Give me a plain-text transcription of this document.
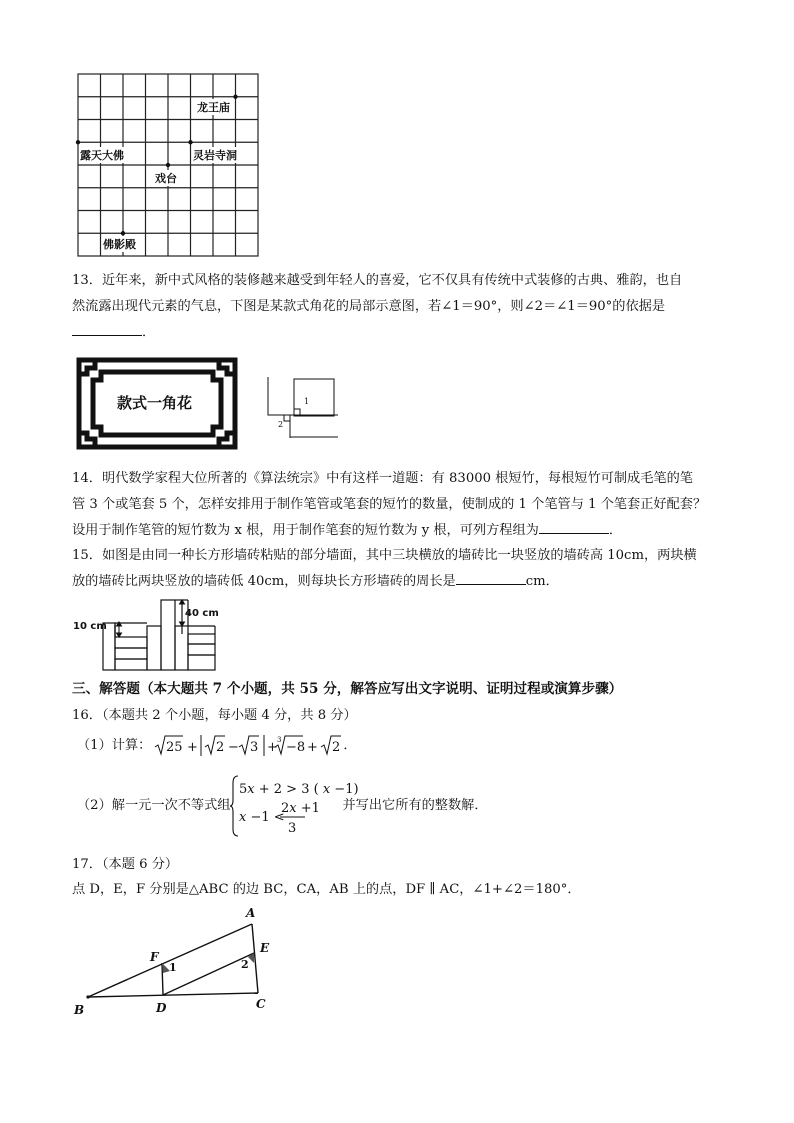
龙王庙
露天大佛	灵岩寺洞
戏台
佛影殿
13．近年来，新中式风格的装修越来越受到年轻人的喜爱，它不仅具有传统中式装修的古典、雅韵，也自
然流露出现代元素的气息，下图是某款式角花的局部示意图，若∠1＝90°，则∠2＝∠1＝90°的依据是
．
款式一角花	1
2
14．明代数学家程大位所著的《算法统宗》中有这样一道题：有 83000 根短竹，每根短竹可制成毛笔的笔
管 3 个或笔套 5 个，怎样安排用于制作笔管或笔套的短竹的数量，使制成的 1 个笔管与 1 个笔套正好配套？
设用于制作笔管的短竹数为 x 根，用于制作笔套的短竹数为 y 根，可列方程组为	．
15．如图是由同一种长方形墙砖粘贴的部分墙面，其中三块横放的墙砖比一块竖放的墙砖高 10cm，两块横
放的墙砖比两块竖放的墙砖低 40cm，则每块长方形墙砖的周长是	cm．
10 cm
40 cm
三、解答题（本大题共 7 个小题，共 55 分，解答应写出文字说明、证明过程或演算步骤）
16．（本题共 2 个小题，每小题 4 分，共 8 分）
（1）计算： 25 + 2 − 3 + 3 −8 + 2 ．
（2）解一元一次不等式组
5x + 2 > 3 ( x −1)
x −1 <
2x +1
3
并写出它所有的整数解．
17．（本题 6 分）
点 D，E，F 分别是△ABC 的边 BC，CA，AB 上的点，DF ∥ AC，∠1+∠2＝180°．
A
B	C
D
E
F
1	2
